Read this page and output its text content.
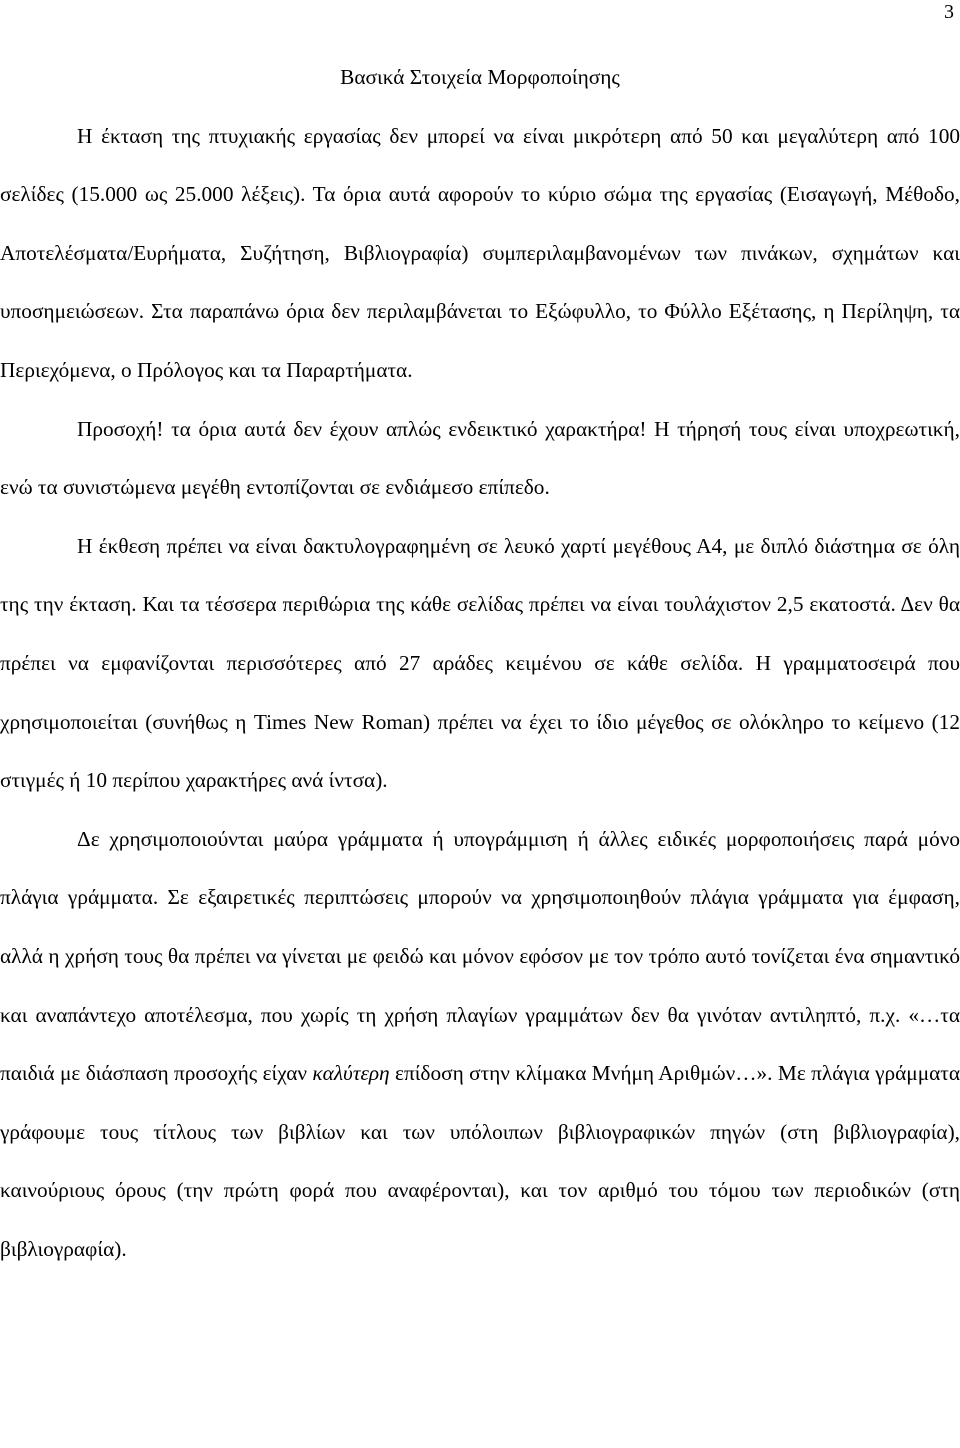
3

Βασικά Στοιχεία Μορφοποίησης

Η έκταση της πτυχιακής εργασίας δεν μπορεί να είναι μικρότερη από 50 και μεγαλύτερη από 100 σελίδες (15.000 ως 25.000 λέξεις). Τα όρια αυτά αφορούν το κύριο σώμα της εργασίας (Εισαγωγή, Μέθοδο, Αποτελέσματα/Ευρήματα, Συζήτηση, Βιβλιογραφία) συμπεριλαμβανομένων των πινάκων, σχημάτων και υποσημειώσεων. Στα παραπάνω όρια δεν περιλαμβάνεται το Εξώφυλλο, το Φύλλο Εξέτασης, η Περίληψη, τα Περιεχόμενα, ο Πρόλογος και τα Παραρτήματα.

Προσοχή! τα όρια αυτά δεν έχουν απλώς ενδεικτικό χαρακτήρα! Η τήρησή τους είναι υποχρεωτική, ενώ τα συνιστώμενα μεγέθη εντοπίζονται σε ενδιάμεσο επίπεδο.

Η έκθεση πρέπει να είναι δακτυλογραφημένη σε λευκό χαρτί μεγέθους Α4, με διπλό διάστημα σε όλη της την έκταση. Και τα τέσσερα περιθώρια της κάθε σελίδας πρέπει να είναι τουλάχιστον 2,5 εκατοστά. Δεν θα πρέπει να εμφανίζονται περισσότερες από 27 αράδες κειμένου σε κάθε σελίδα. Η γραμματοσειρά που χρησιμοποιείται (συνήθως η Times New Roman) πρέπει να έχει το ίδιο μέγεθος σε ολόκληρο το κείμενο (12 στιγμές ή 10 περίπου χαρακτήρες ανά ίντσα).

Δε χρησιμοποιούνται μαύρα γράμματα ή υπογράμμιση ή άλλες ειδικές μορφοποιήσεις παρά μόνο πλάγια γράμματα. Σε εξαιρετικές περιπτώσεις μπορούν να χρησιμοποιηθούν πλάγια γράμματα για έμφαση, αλλά η χρήση τους θα πρέπει να γίνεται με φειδώ και μόνον εφόσον με τον τρόπο αυτό τονίζεται ένα σημαντικό και αναπάντεχο αποτέλεσμα, που χωρίς τη χρήση πλαγίων γραμμάτων δεν θα γινόταν αντιληπτό, π.χ. «…τα παιδιά με διάσπαση προσοχής είχαν καλύτερη επίδοση στην κλίμακα Μνήμη Αριθμών…». Με πλάγια γράμματα γράφουμε τους τίτλους των βιβλίων και των υπόλοιπων βιβλιογραφικών πηγών (στη βιβλιογραφία), καινούριους όρους (την πρώτη φορά που αναφέρονται), και τον αριθμό του τόμου των περιοδικών (στη βιβλιογραφία).
